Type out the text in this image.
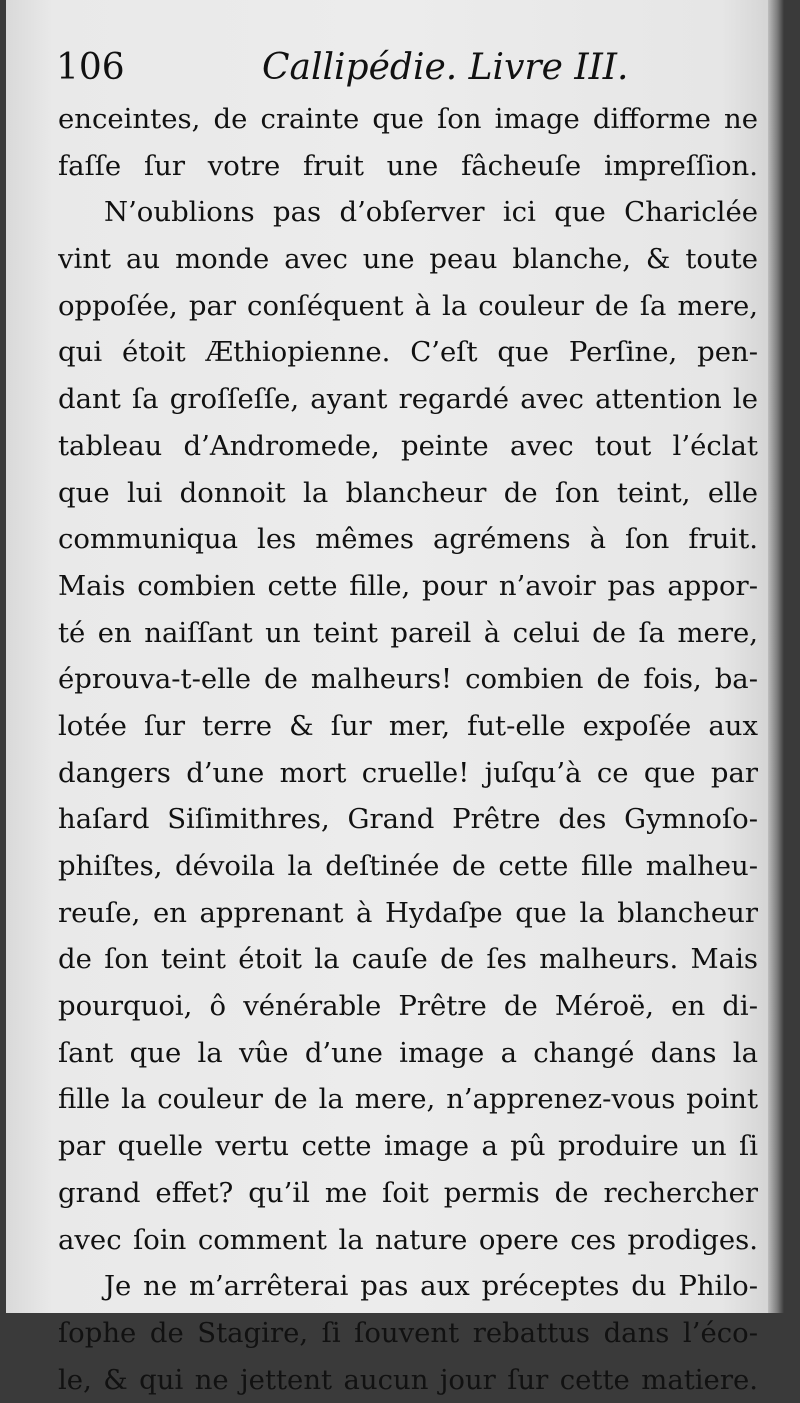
106	Callipédie. Livre III.
enceintes, de crainte que ſon image difforme ne
faſſe ſur votre fruit une fâcheuſe impreſſion.
N’oublions pas d’obſerver ici que Chariclée
vint au monde avec une peau blanche, & toute
oppoſée, par conſéquent à la couleur de ſa mere,
qui étoit Æthiopienne. C’eſt que Perſine, pen-
dant ſa groſſeſſe, ayant regardé avec attention le
tableau d’Andromede, peinte avec tout l’éclat
que lui donnoit la blancheur de ſon teint, elle
communiqua les mêmes agrémens à ſon fruit.
Mais combien cette fille, pour n’avoir pas appor-
té en naiſſant un teint pareil à celui de ſa mere,
éprouva-t-elle de malheurs! combien de fois, ba-
lotée ſur terre & ſur mer, fut-elle expoſée aux
dangers d’une mort cruelle! juſqu’à ce que par
haſard Siſimithres, Grand Prêtre des Gymnoſo-
phiſtes, dévoila la deſtinée de cette fille malheu-
reuſe, en apprenant à Hydaſpe que la blancheur
de ſon teint étoit la cauſe de ſes malheurs. Mais
pourquoi, ô vénérable Prêtre de Méroë, en di-
ſant que la vûe d’une image a changé dans la
fille la couleur de la mere, n’apprenez-vous point
par quelle vertu cette image a pû produire un ſi
grand effet? qu’il me ſoit permis de rechercher
avec ſoin comment la nature opere ces prodiges.
Je ne m’arrêterai pas aux préceptes du Philo-
ſophe de Stagire, ſi ſouvent rebattus dans l’éco-
le, & qui ne jettent aucun jour ſur cette matiere.
